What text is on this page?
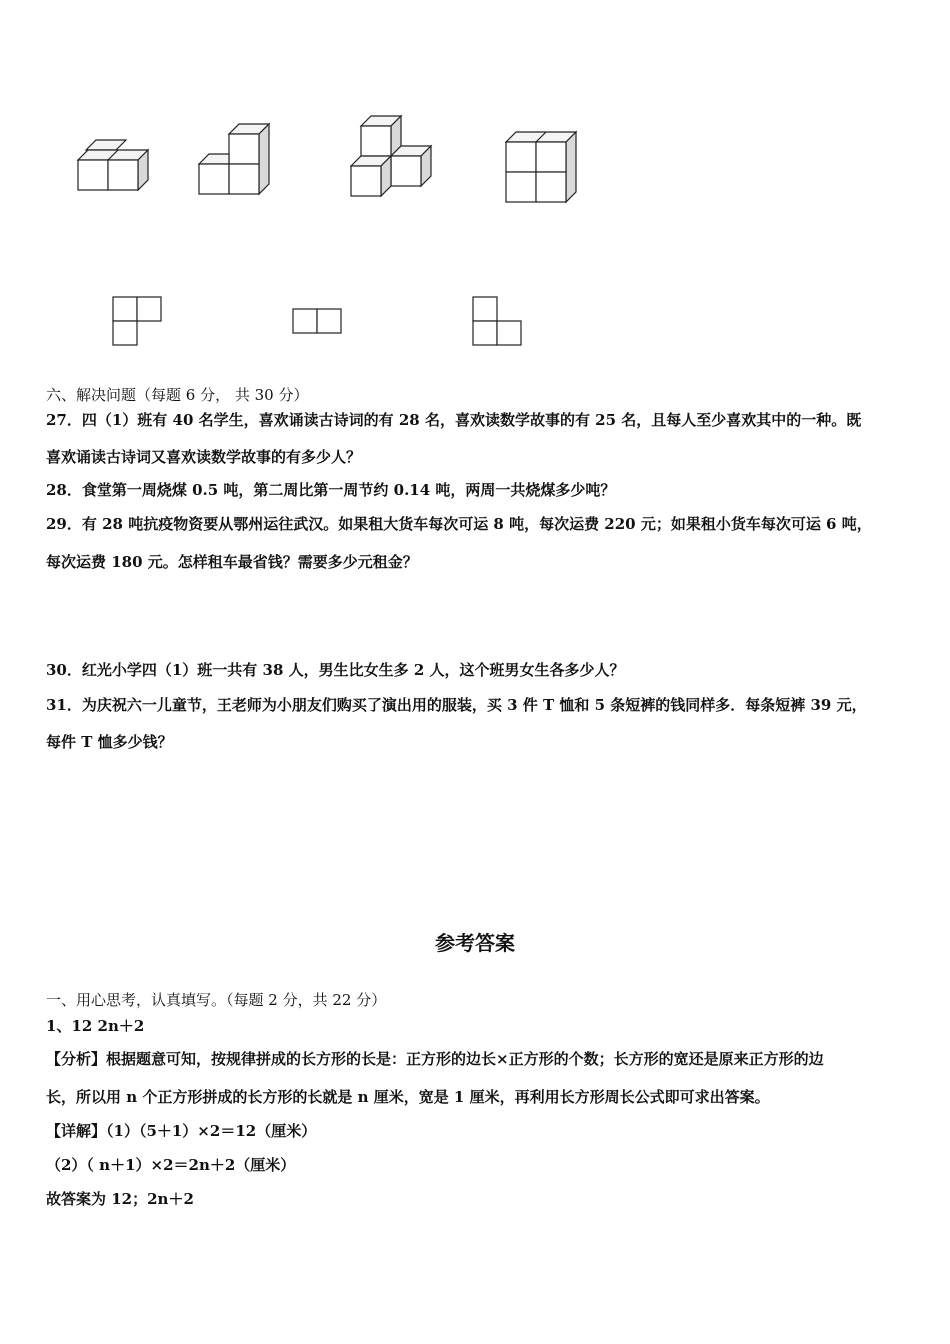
六、解决问题（每题 6 分， 共 30 分）
27．四（1）班有 40 名学生，喜欢诵读古诗词的有 28 名，喜欢读数学故事的有 25 名，且每人至少喜欢其中的一种。既
喜欢诵读古诗词又喜欢读数学故事的有多少人？
28．食堂第一周烧煤 0.5 吨，第二周比第一周节约 0.14 吨，两周一共烧煤多少吨？
29．有 28 吨抗疫物资要从鄂州运往武汉。如果租大货车每次可运 8 吨，每次运费 220 元；如果租小货车每次可运 6 吨，
每次运费 180 元。怎样租车最省钱？需要多少元租金？
30．红光小学四（1）班一共有 38 人，男生比女生多 2 人，这个班男女生各多少人？
31．为庆祝六一儿童节，王老师为小朋友们购买了演出用的服装，买 3 件 T 恤和 5 条短裤的钱同样多．每条短裤 39 元，
每件 T 恤多少钱？
参考答案
一、用心思考，认真填写。（每题 2 分，共 22 分）
1、12 2n＋2
【分析】根据题意可知，按规律拼成的长方形的长是：正方形的边长×正方形的个数；长方形的宽还是原来正方形的边
长，所以用 n 个正方形拼成的长方形的长就是 n 厘米，宽是 1 厘米，再利用长方形周长公式即可求出答案。
【详解】（1）（5＋1）×2＝12（厘米）
（2）（ n＋1）×2＝2n＋2（厘米）
故答案为 12；2n＋2
